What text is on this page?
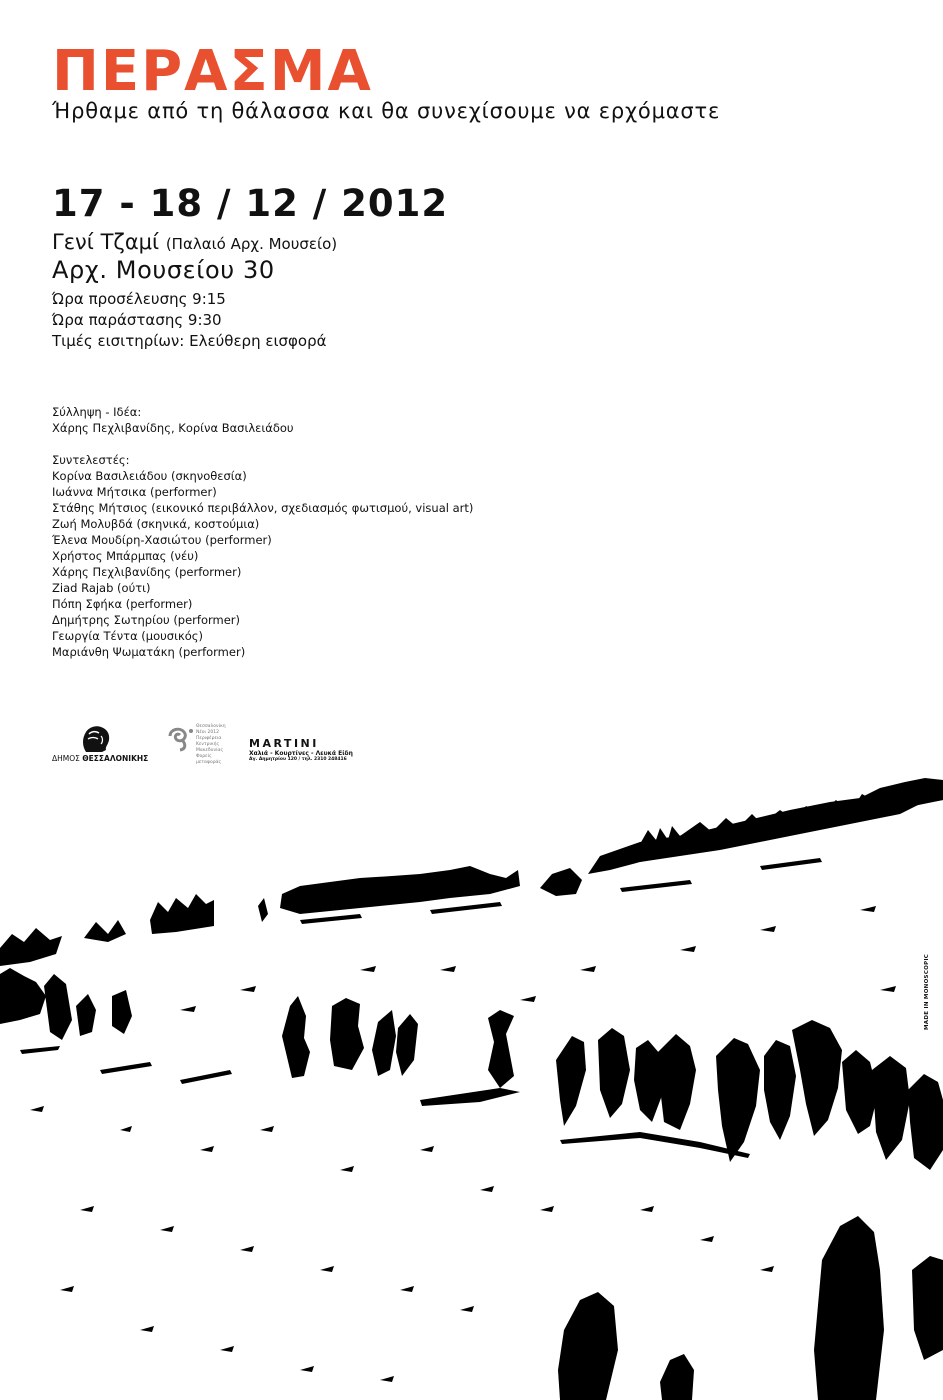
ΠΕΡΑΣΜΑ
Ήρθαμε από τη θάλασσα και θα συνεχίσουμε να ερχόμαστε
17 - 18 / 12 / 2012
Γενί Τζαμί (Παλαιό Αρχ. Μουσείο)
Αρχ. Μουσείου 30
Ώρα προσέλευσης 9:15
Ώρα παράστασης 9:30
Τιμές εισιτηρίων: Ελεύθερη εισφορά
Σύλληψη - Ιδέα:
Χάρης Πεχλιβανίδης, Κορίνα Βασιλειάδου
Συντελεστές:
Κορίνα Βασιλειάδου (σκηνοθεσία)
Ιωάννα Μήτσικα (performer)
Στάθης Μήτσιος (εικονικό περιβάλλον, σχεδιασμός φωτισμού, visual art)
Ζωή Μολυβδά (σκηνικά, κοστούμια)
Έλενα Μουδίρη-Χασιώτου (performer)
Χρήστος Μπάρμπας (νέυ)
Χάρης Πεχλιβανίδης (performer)
Ziad Rajab (ούτι)
Πόπη Σφήκα (performer)
Δημήτρης Σωτηρίου (performer)
Γεωργία Τέντα (μουσικός)
Μαριάνθη Ψωματάκη (performer)
ΔΗΜΟΣ ΘΕΣΣΑΛΟΝΙΚΗΣ
Θεσσαλονίκη
Νέοι 2012
Περιφέρεια
Κεντρικής
Μακεδονίας
Φορείς μεταφοράς
MARTINI
Χαλιά - Κουρτίνες - Λευκά Είδη
Αγ. Δημητρίου 120 / τηλ. 2310 248416
MADE IN MONOSCOPIC
